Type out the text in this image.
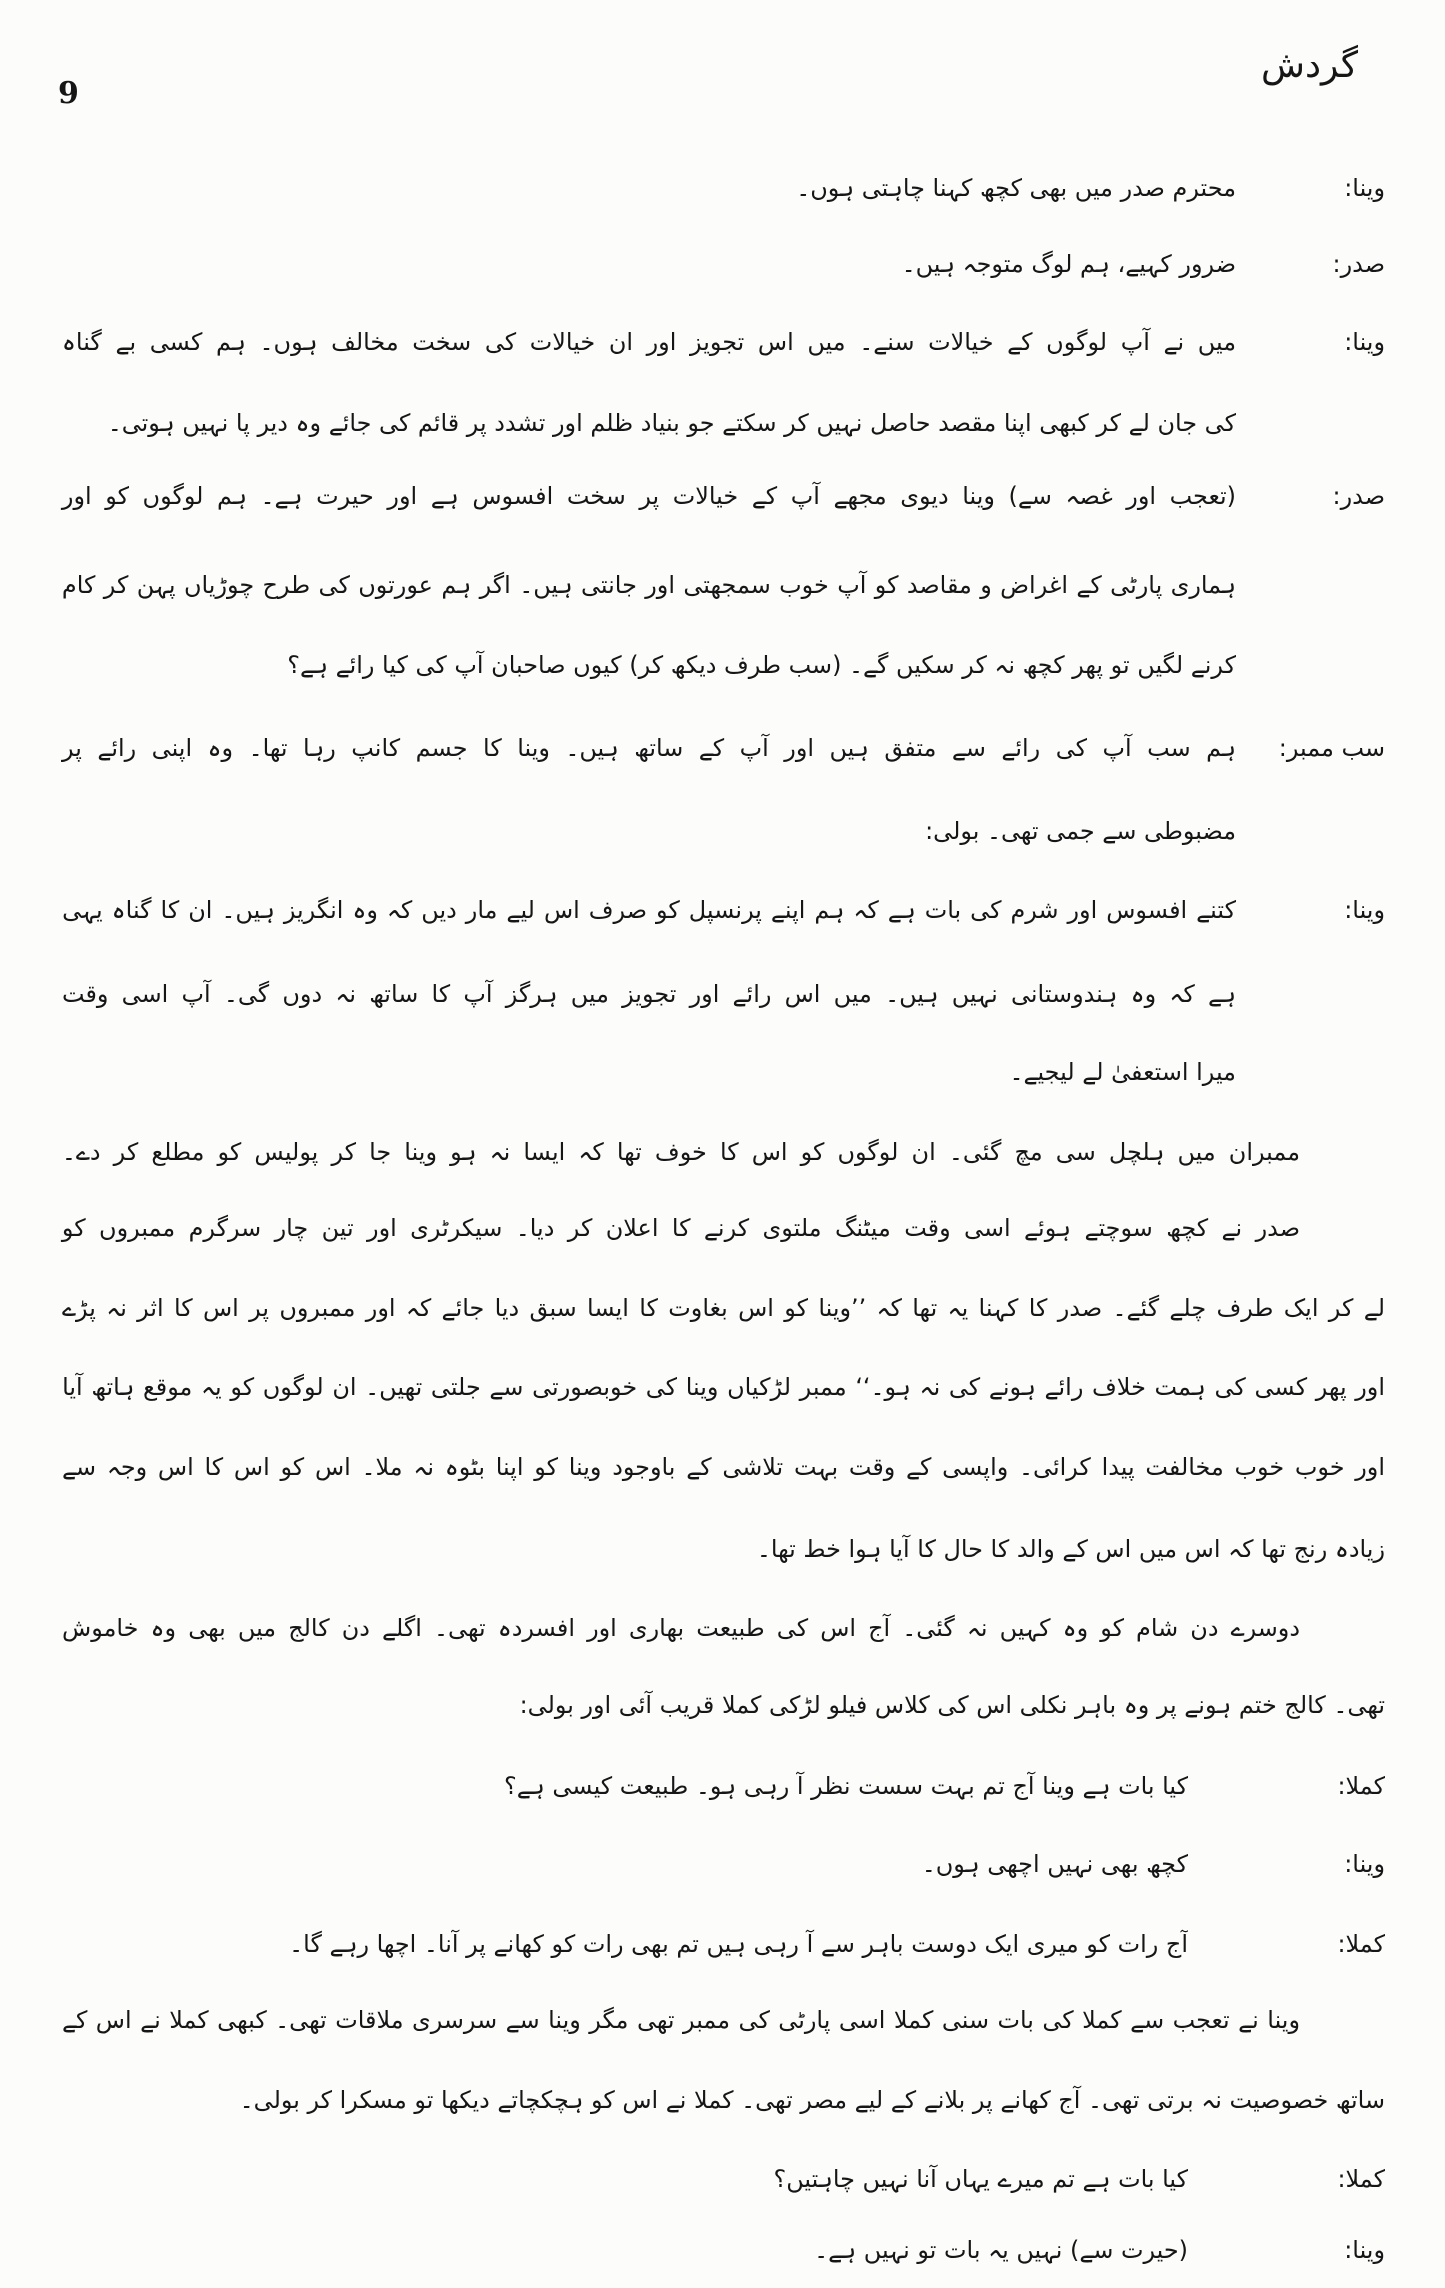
گردش
9
وینا:
محترم صدر میں بھی کچھ کہنا چاہتی ہوں۔
صدر:
ضرور کہیے، ہم لوگ متوجہ ہیں۔
وینا:
میں نے آپ لوگوں کے خیالات سنے۔ میں اس تجویز اور ان خیالات کی سخت مخالف ہوں۔ ہم کسی بے گناہ
کی جان لے کر کبھی اپنا مقصد حاصل نہیں کر سکتے جو بنیاد ظلم اور تشدد پر قائم کی جائے وہ دیر پا نہیں ہوتی۔
صدر:
(تعجب اور غصہ سے) وینا دیوی مجھے آپ کے خیالات پر سخت افسوس ہے اور حیرت ہے۔ ہم لوگوں کو اور
ہماری پارٹی کے اغراض و مقاصد کو آپ خوب سمجھتی اور جانتی ہیں۔ اگر ہم عورتوں کی طرح چوڑیاں پہن کر کام
کرنے لگیں تو پھر کچھ نہ کر سکیں گے۔ (سب طرف دیکھ کر) کیوں صاحبان آپ کی کیا رائے ہے؟
سب ممبر:
ہم سب آپ کی رائے سے متفق ہیں اور آپ کے ساتھ ہیں۔ وینا کا جسم کانپ رہا تھا۔ وہ اپنی رائے پر
مضبوطی سے جمی تھی۔ بولی:
وینا:
کتنے افسوس اور شرم کی بات ہے کہ ہم اپنے پرنسپل کو صرف اس لیے مار دیں کہ وہ انگریز ہیں۔ ان کا گناہ یہی
ہے کہ وہ ہندوستانی نہیں ہیں۔ میں اس رائے اور تجویز میں ہرگز آپ کا ساتھ نہ دوں گی۔ آپ اسی وقت
میرا استعفیٰ لے لیجیے۔
ممبران میں ہلچل سی مچ گئی۔ ان لوگوں کو اس کا خوف تھا کہ ایسا نہ ہو وینا جا کر پولیس کو مطلع کر دے۔
صدر نے کچھ سوچتے ہوئے اسی وقت میٹنگ ملتوی کرنے کا اعلان کر دیا۔ سیکرٹری اور تین چار سرگرم ممبروں کو
لے کر ایک طرف چلے گئے۔ صدر کا کہنا یہ تھا کہ ’’وینا کو اس بغاوت کا ایسا سبق دیا جائے کہ اور ممبروں پر اس کا اثر نہ پڑے
اور پھر کسی کی ہمت خلاف رائے ہونے کی نہ ہو۔‘‘ ممبر لڑکیاں وینا کی خوبصورتی سے جلتی تھیں۔ ان لوگوں کو یہ موقع ہاتھ آیا
اور خوب خوب مخالفت پیدا کرائی۔ واپسی کے وقت بہت تلاشی کے باوجود وینا کو اپنا بٹوہ نہ ملا۔ اس کو اس کا اس وجہ سے
زیادہ رنج تھا کہ اس میں اس کے والد کا حال کا آیا ہوا خط تھا۔
دوسرے دن شام کو وہ کہیں نہ گئی۔ آج اس کی طبیعت بھاری اور افسردہ تھی۔ اگلے دن کالج میں بھی وہ خاموش
تھی۔ کالج ختم ہونے پر وہ باہر نکلی اس کی کلاس فیلو لڑکی کملا قریب آئی اور بولی:
کملا:
کیا بات ہے وینا آج تم بہت سست نظر آ رہی ہو۔ طبیعت کیسی ہے؟
وینا:
کچھ بھی نہیں اچھی ہوں۔
کملا:
آج رات کو میری ایک دوست باہر سے آ رہی ہیں تم بھی رات کو کھانے پر آنا۔ اچھا رہے گا۔
وینا نے تعجب سے کملا کی بات سنی کملا اسی پارٹی کی ممبر تھی مگر وینا سے سرسری ملاقات تھی۔ کبھی کملا نے اس کے
ساتھ خصوصیت نہ برتی تھی۔ آج کھانے پر بلانے کے لیے مصر تھی۔ کملا نے اس کو ہچکچاتے دیکھا تو مسکرا کر بولی۔
کملا:
کیا بات ہے تم میرے یہاں آنا نہیں چاہتیں؟
وینا:
(حیرت سے) نہیں یہ بات تو نہیں ہے۔
